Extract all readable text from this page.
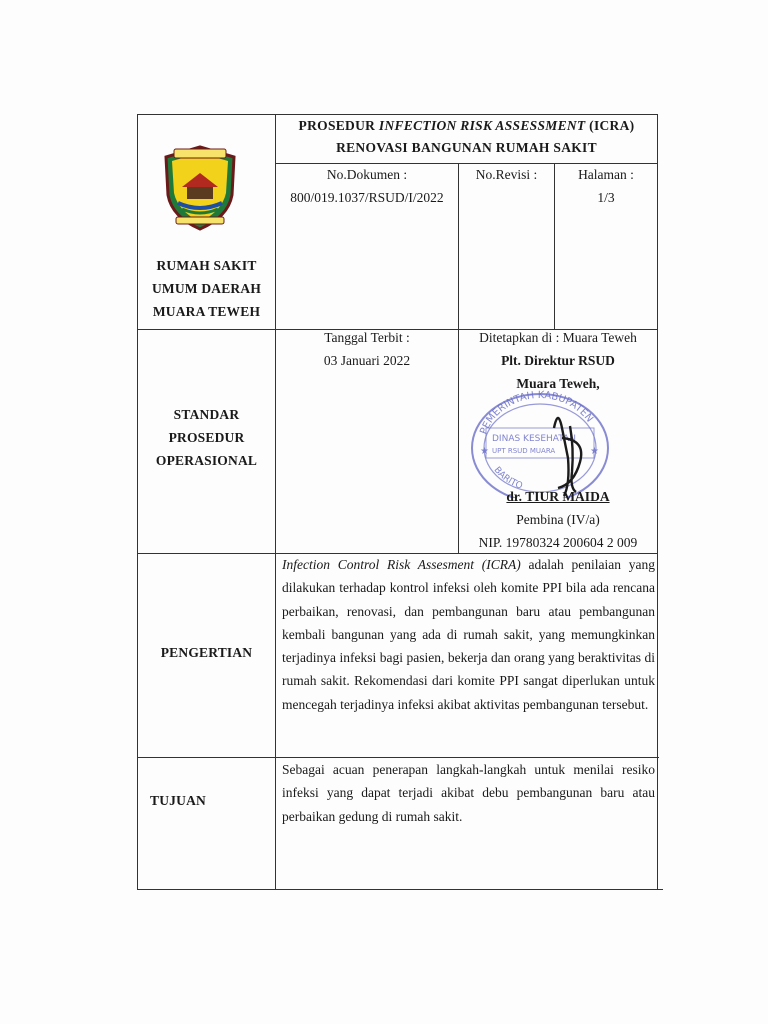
PROSEDUR INFECTION RISK ASSESSMENT (ICRA)
RENOVASI BANGUNAN RUMAH SAKIT
RUMAH SAKIT
UMUM DAERAH
MUARA TEWEH
No.Dokumen :
800/019.1037/RSUD/I/2022
No.Revisi :	Halaman :
1/3
STANDAR
PROSEDUR
OPERASIONAL
Tanggal Terbit :
03 Januari 2022
Ditetapkan di : Muara Teweh
Plt. Direktur RSUD
Muara Teweh,
PEMERINTAH KABUPATEN
BARITO
DINAS KESEHATAN
UPT RSUD MUARA
★	★
dr. TIUR MAIDA
Pembina (IV/a)
NIP. 19780324 200604 2 009
PENGERTIAN
Infection Control Risk Assesment (ICRA) adalah penilaian yang dilakukan terhadap kontrol infeksi oleh komite PPI bila ada rencana perbaikan, renovasi, dan pembangunan baru atau pembangunan kembali bangunan yang ada di rumah sakit, yang memungkinkan terjadinya infeksi bagi pasien, bekerja dan orang yang beraktivitas di rumah sakit. Rekomendasi dari komite PPI sangat diperlukan untuk mencegah terjadinya infeksi akibat aktivitas pembangunan tersebut.
TUJUAN
Sebagai acuan penerapan langkah-langkah untuk menilai resiko infeksi yang dapat terjadi akibat debu pembangunan baru atau perbaikan gedung di rumah sakit.
